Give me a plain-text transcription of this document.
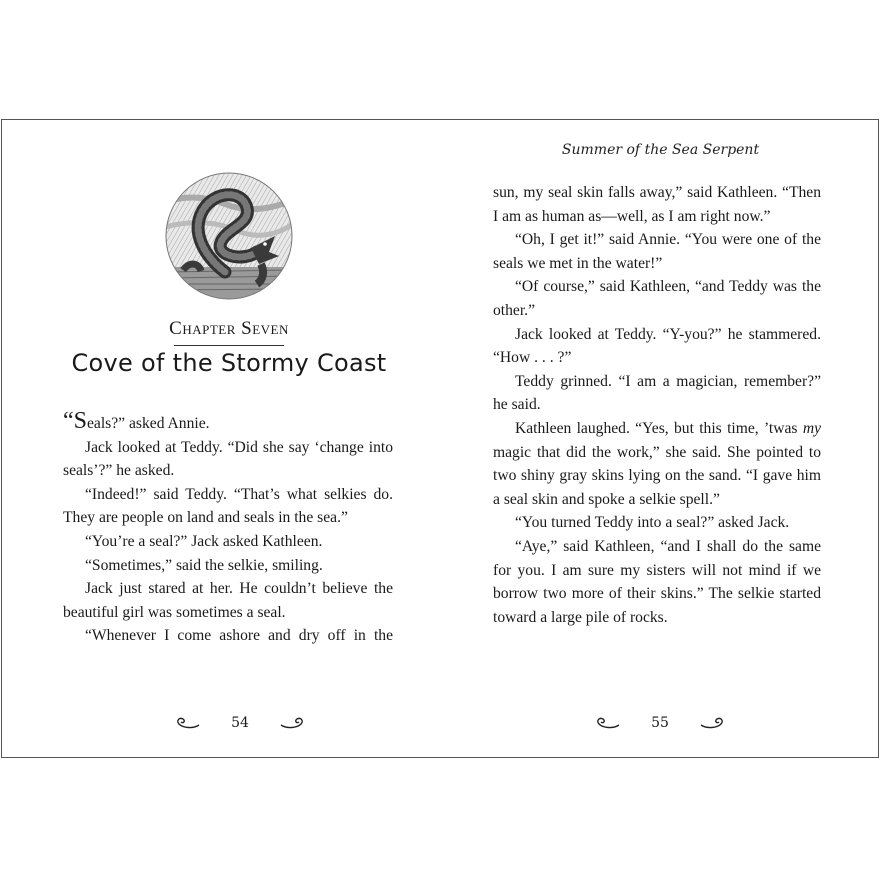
Chapter Seven
Cove of the Stormy Coast

“Seals?” asked Annie.

Jack looked at Teddy. “Did she say ‘change into seals’?” he asked.

“Indeed!” said Teddy. “That’s what selkies do. They are people on land and seals in the sea.”

“You’re a seal?” Jack asked Kathleen.

“Sometimes,” said the selkie, smiling.

Jack just stared at her. He couldn’t believe the beautiful girl was sometimes a seal.

“Whenever I come ashore and dry off in the

54
Summer of the Sea Serpent

sun, my seal skin falls away,” said Kathleen. “Then I am as human as—well, as I am right now.”

“Oh, I get it!” said Annie. “You were one of the seals we met in the water!”

“Of course,” said Kathleen, “and Teddy was the other.”

Jack looked at Teddy. “Y-you?” he stammered. “How . . . ?”

Teddy grinned. “I am a magician, remember?” he said.

Kathleen laughed. “Yes, but this time, ’twas my magic that did the work,” she said. She pointed to two shiny gray skins lying on the sand. “I gave him a seal skin and spoke a selkie spell.”

“You turned Teddy into a seal?” asked Jack.

“Aye,” said Kathleen, “and I shall do the same for you. I am sure my sisters will not mind if we borrow two more of their skins.” The selkie started toward a large pile of rocks.

55
